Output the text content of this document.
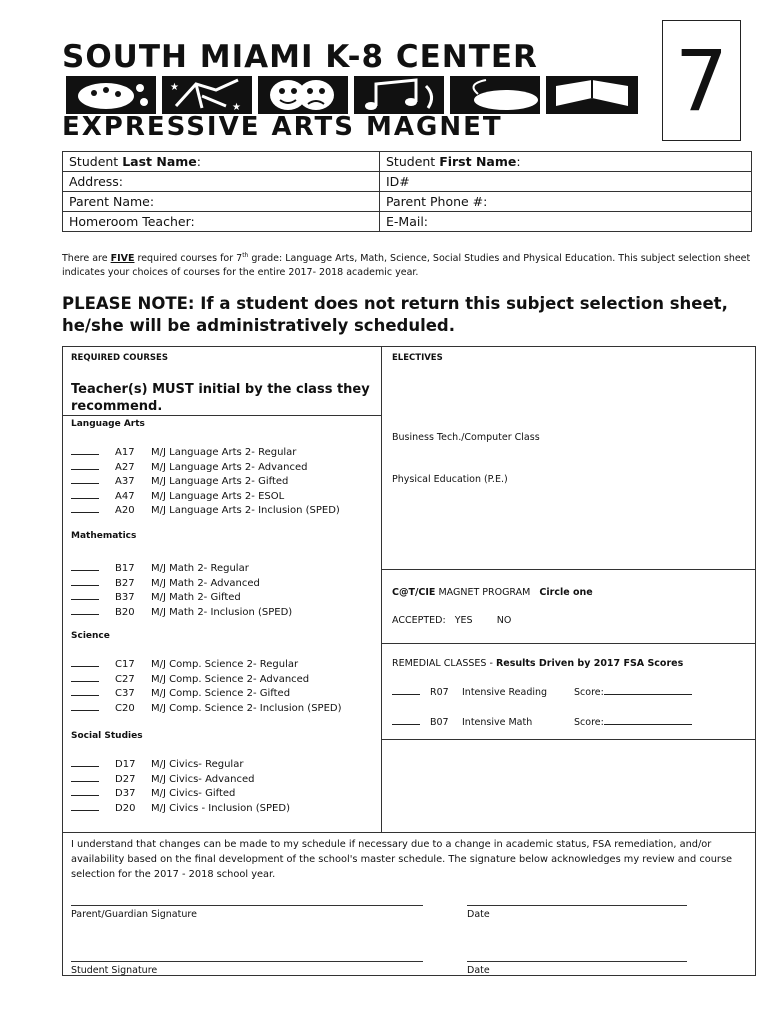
SOUTH MIAMI K-8 CENTER
★
★
EXPRESSIVE ARTS MAGNET	7
Student Last Name:	Student First Name:
Address:	ID#
Parent Name:	Parent Phone #:
Homeroom Teacher:	E-Mail:
There are FIVE required courses for 7th grade: Language Arts, Math, Science, Social Studies and Physical Education. This subject selection sheet indicates your choices of courses for the entire 2017- 2018 academic year.
PLEASE NOTE: If a student does not return this subject selection sheet, he/she will be administratively scheduled.
REQUIRED COURSES
Teacher(s) MUST initial by the class they recommend.
Language Arts
A17 M/J Language Arts 2- Regular
A27 M/J Language Arts 2- Advanced
A37 M/J Language Arts 2- Gifted
A47 M/J Language Arts 2- ESOL
A20 M/J Language Arts 2- Inclusion (SPED)
Mathematics
B17 M/J Math 2- Regular
B27 M/J Math 2- Advanced
B37 M/J Math 2- Gifted
B20 M/J Math 2- Inclusion (SPED)
Science
C17 M/J Comp. Science 2- Regular
C27 M/J Comp. Science 2- Advanced
C37 M/J Comp. Science 2- Gifted
C20 M/J Comp. Science 2- Inclusion (SPED)
Social Studies
D17 M/J Civics- Regular
D27 M/J Civics- Advanced
D37 M/J Civics- Gifted
D20 M/J Civics - Inclusion (SPED)
ELECTIVES
Business Tech./Computer Class
Physical Education (P.E.)
C@T/CIE MAGNET PROGRAM Circle one
ACCEPTED: YES	NO
REMEDIAL CLASSES - Results Driven by 2017 FSA Scores
R07 Intensive Reading	Score:
B07 Intensive Math	Score:
I understand that changes can be made to my schedule if necessary due to a change in academic status, FSA remediation, and/or availability based on the final development of the school's master schedule. The signature below acknowledges my review and course selection for the 2017 - 2018 school year.
Parent/Guardian Signature	Date
Student Signature	Date
